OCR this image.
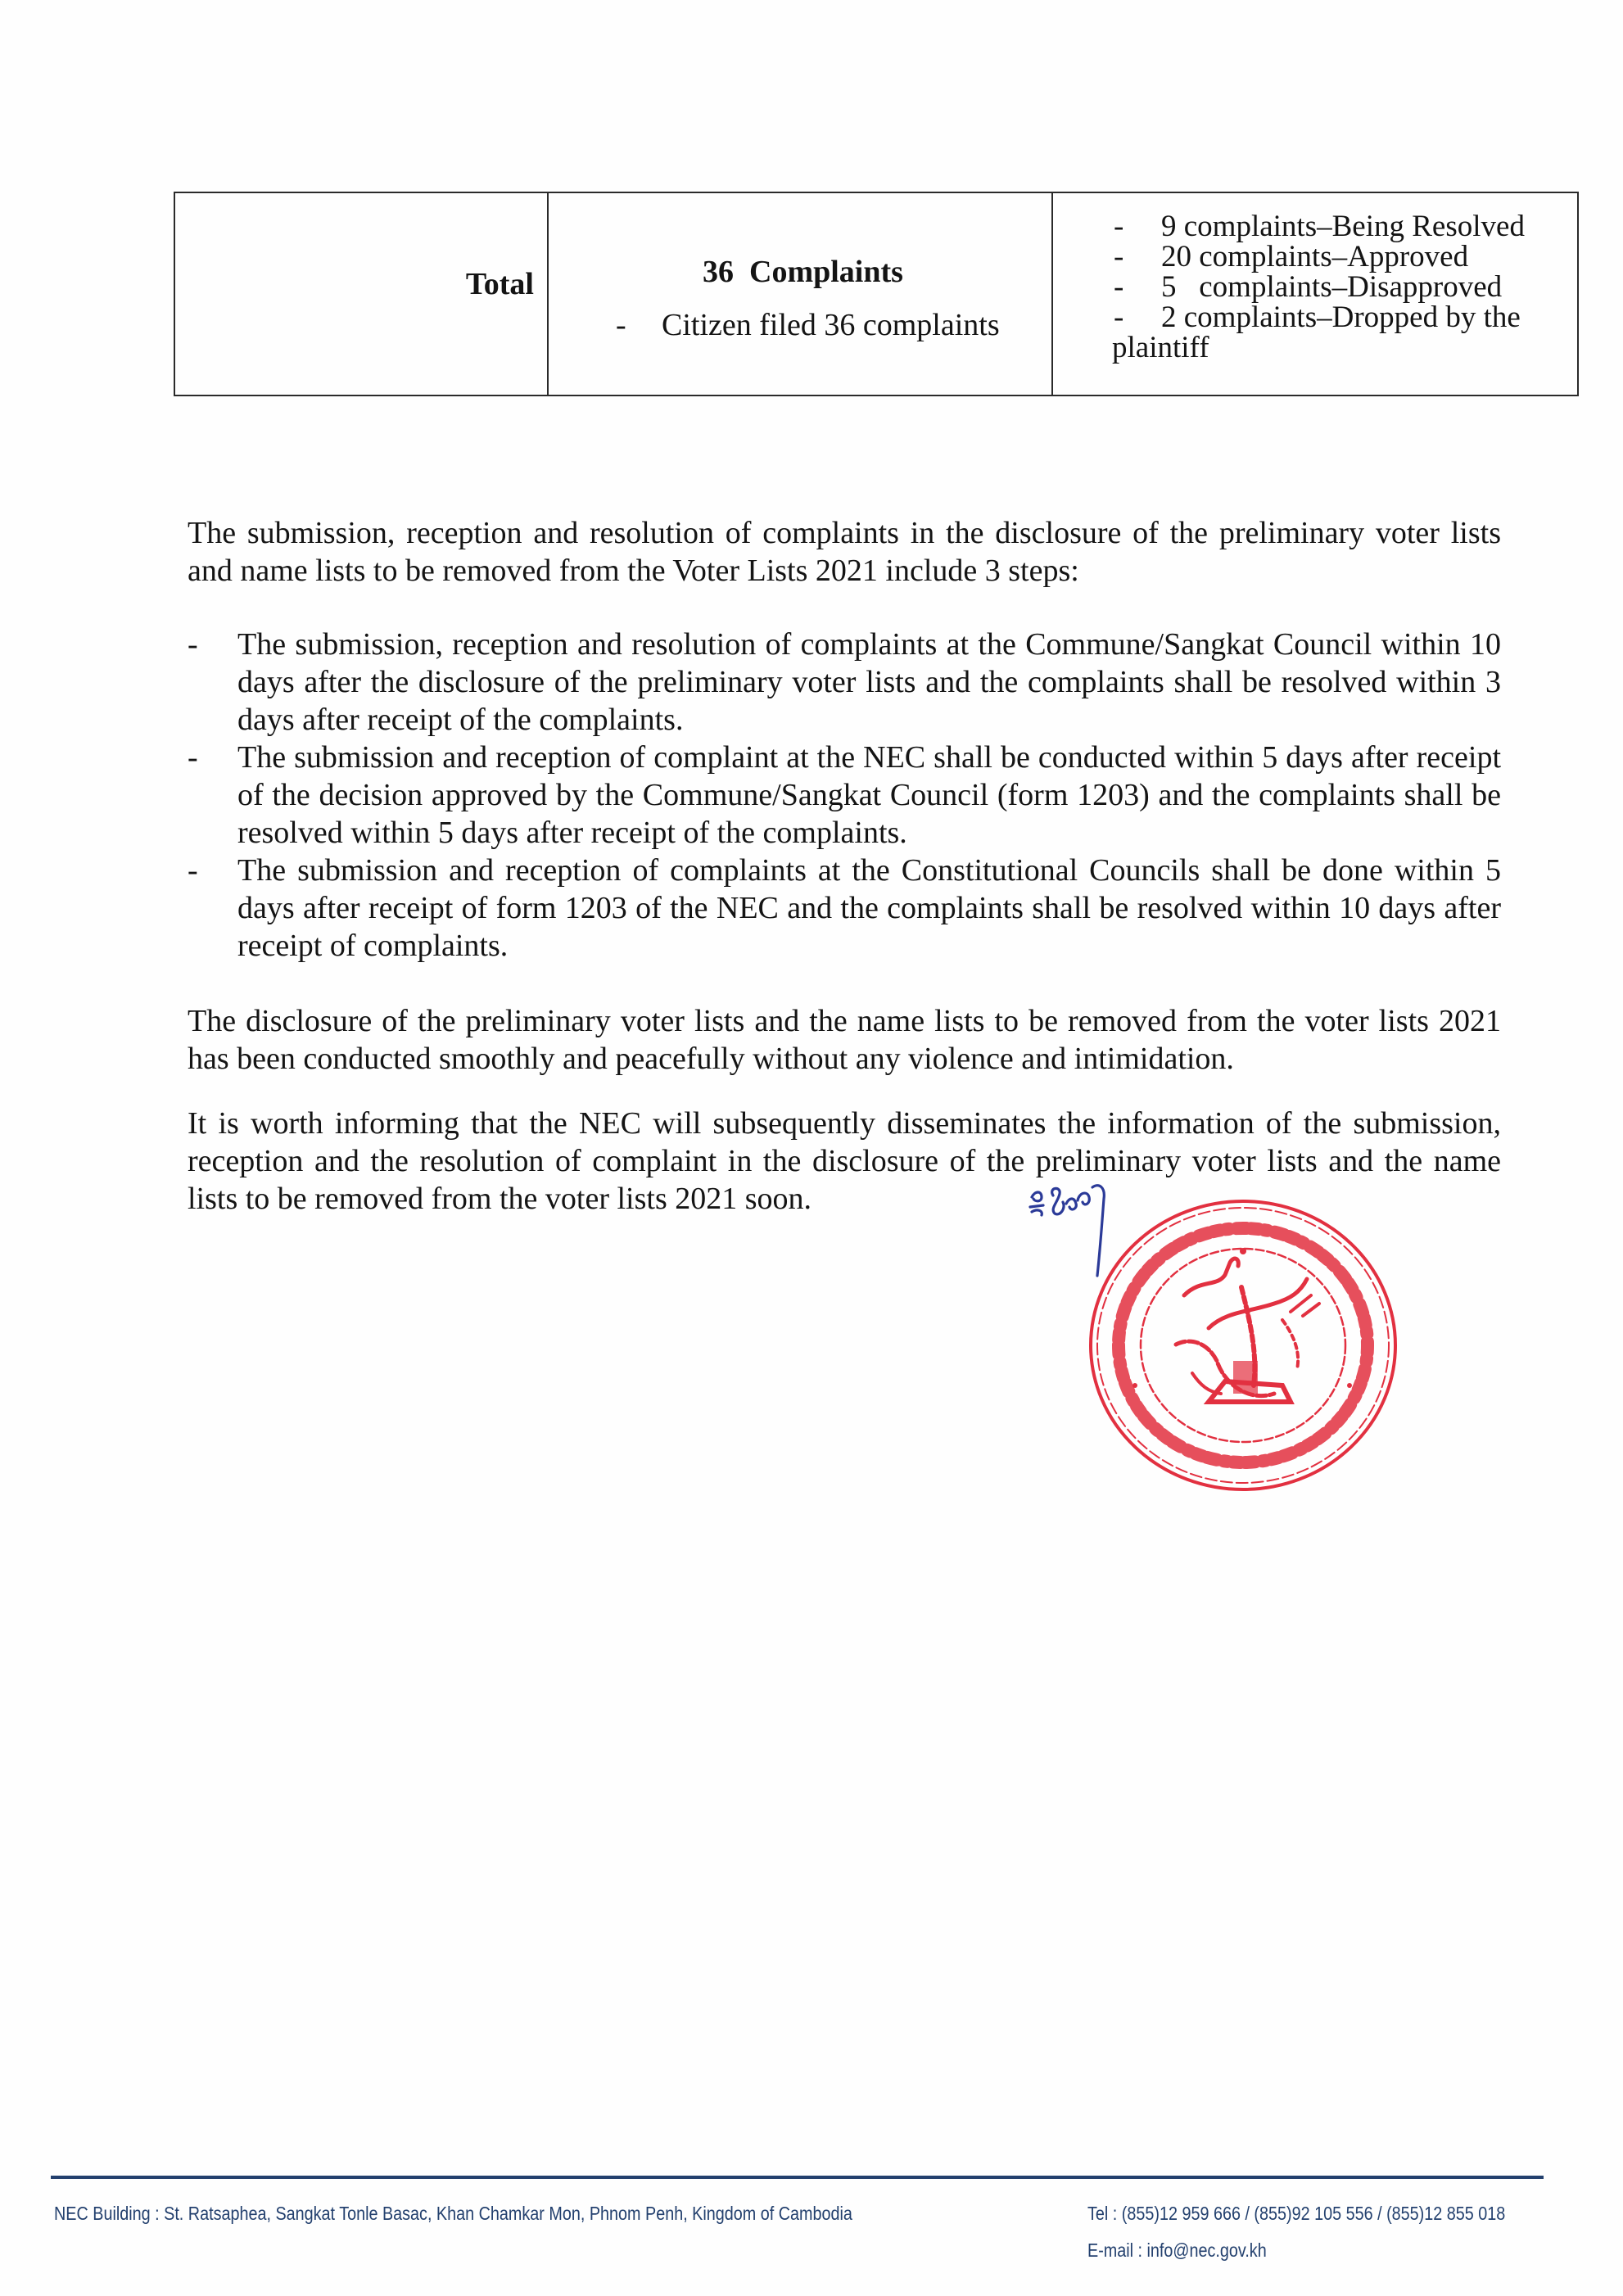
Total	36  Complaints
- Citizen filed 36 complaints
- 9 complaints–Being Resolved
- 20 complaints–Approved
- 5   complaints–Disapproved
- 2 complaints–Dropped by the
plaintiff

The submission, reception and resolution of complaints in the disclosure of the preliminary voter lists and name lists to be removed from the Voter Lists 2021 include 3 steps:

- The submission, reception and resolution of complaints at the Commune/Sangkat Council within 10 days after the disclosure of the preliminary voter lists and the complaints shall be resolved within 3 days after receipt of the complaints.
- The submission and reception of complaint at the NEC shall be conducted within 5 days after receipt of the decision approved by the Commune/Sangkat Council (form 1203) and the complaints shall be resolved within 5 days after receipt of the complaints.
- The submission and reception of complaints at the Constitutional Councils shall be done within 5 days after receipt of form 1203 of the NEC and the complaints shall be resolved within 10 days after receipt of complaints.

The disclosure of the preliminary voter lists and the name lists to be removed from the voter lists 2021 has been conducted smoothly and peacefully without any violence and intimidation.

It is worth informing that the NEC will subsequently disseminates the information of the submission, reception and the resolution of complaint in the disclosure of the preliminary voter lists and the name lists to be removed from the voter lists 2021 soon.

NEC Building : St. Ratsaphea, Sangkat Tonle Basac, Khan Chamkar Mon, Phnom Penh, Kingdom of Cambodia	Tel : (855)12 959 666 / (855)92 105 556 / (855)12 855 018
E-mail : info@nec.gov.kh
